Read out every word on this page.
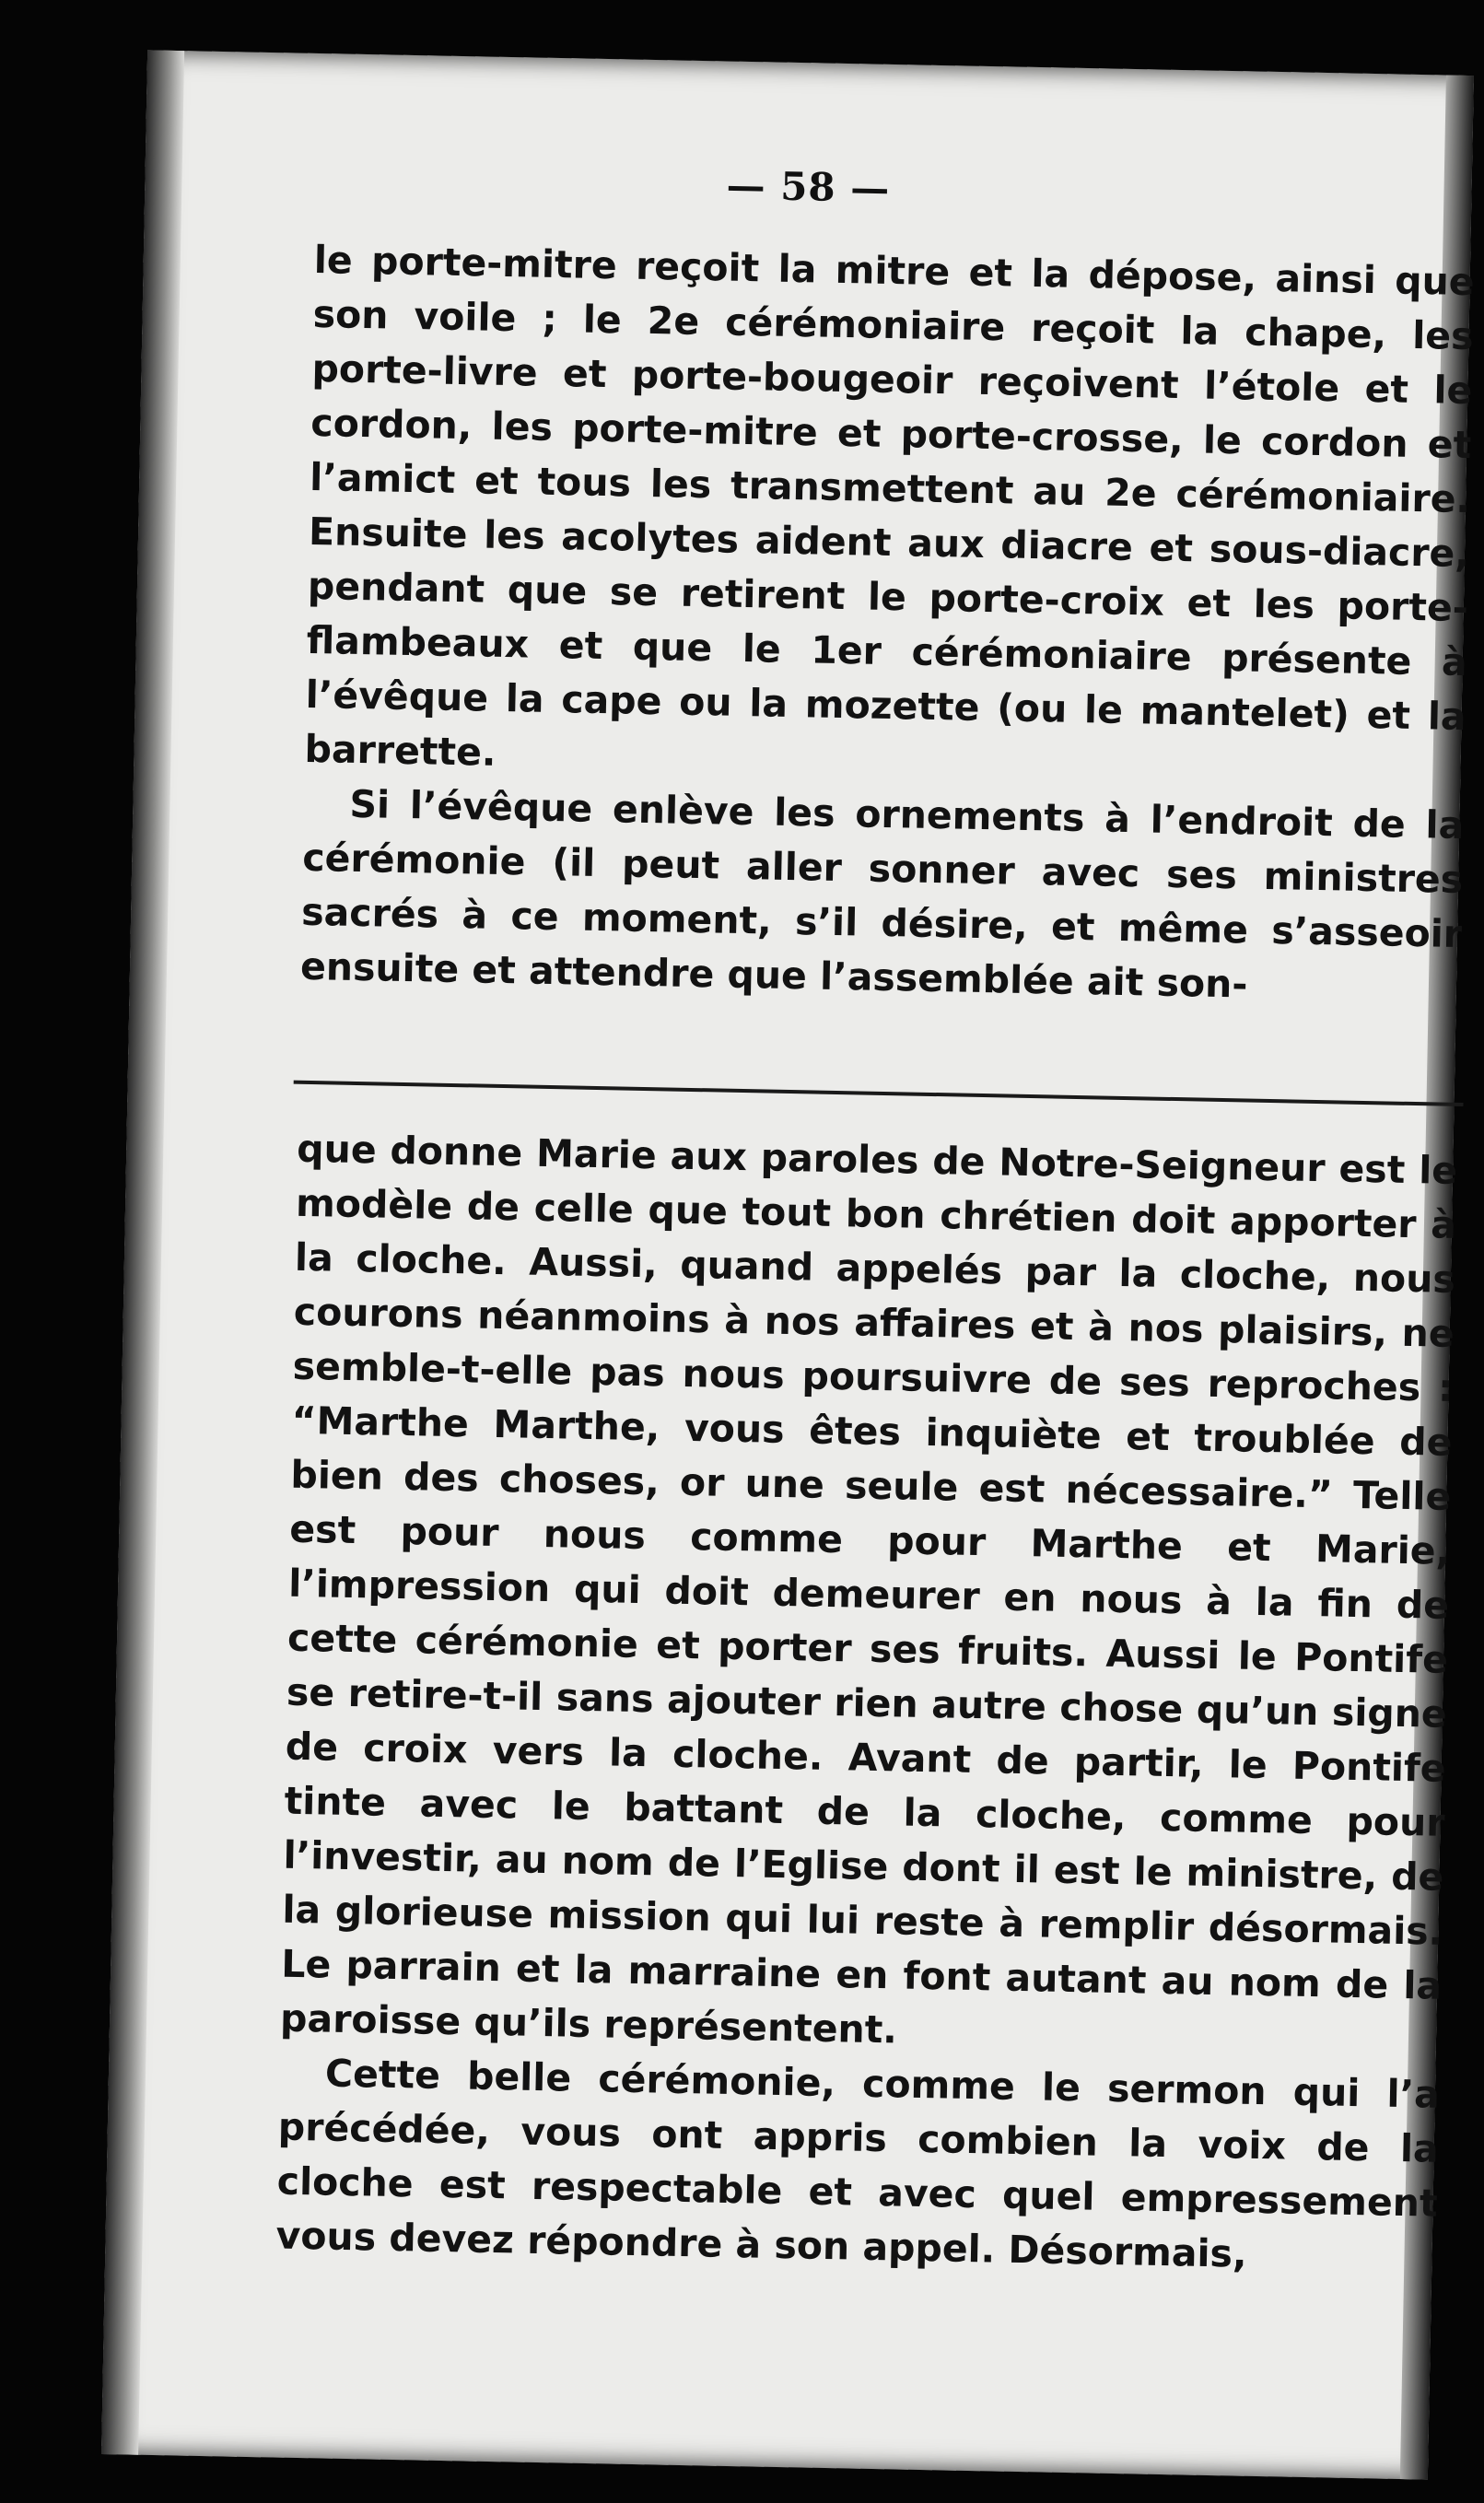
— 58 —

le porte-mitre reçoit la mitre et la dépose, ainsi que son voile ; le 2e cérémoniaire reçoit la chape, les porte-livre et porte-bougeoir reçoivent l’étole et le cordon, les porte-mitre et porte-crosse, le cordon et l’amict et tous les transmettent au 2e cérémoniaire. Ensuite les acolytes aident aux diacre et sous-diacre, pendant que se retirent le porte-croix et les porte-flambeaux et que le 1er cérémoniaire présente à l’évêque la cape ou la mozette (ou le mantelet) et la barrette.

Si l’évêque enlève les ornements à l’endroit de la cérémonie (il peut aller sonner avec ses ministres sacrés à ce moment, s’il désire, et même s’asseoir ensuite et attendre que l’assemblée ait son-

que donne Marie aux paroles de Notre-Seigneur est le modèle de celle que tout bon chrétien doit apporter à la cloche. Aussi, quand appelés par la cloche, nous courons néanmoins à nos affaires et à nos plaisirs, ne semble-t-elle pas nous poursuivre de ses reproches : “Marthe Marthe, vous êtes inquiète et troublée de bien des choses, or une seule est nécessaire.” Telle est pour nous comme pour Marthe et Marie, l’impression qui doit demeurer en nous à la fin de cette cérémonie et porter ses fruits. Aussi le Pontife se retire-t-il sans ajouter rien autre chose qu’un signe de croix vers la cloche. Avant de partir, le Pontife tinte avec le battant de la cloche, comme pour l’investir, au nom de l’Eglise dont il est le ministre, de la glorieuse mission qui lui reste à remplir désormais. Le parrain et la marraine en font autant au nom de la paroisse qu’ils représentent.

Cette belle cérémonie, comme le sermon qui l’a précédée, vous ont appris combien la voix de la cloche est respectable et avec quel empressement vous devez répondre à son appel. Désormais,
